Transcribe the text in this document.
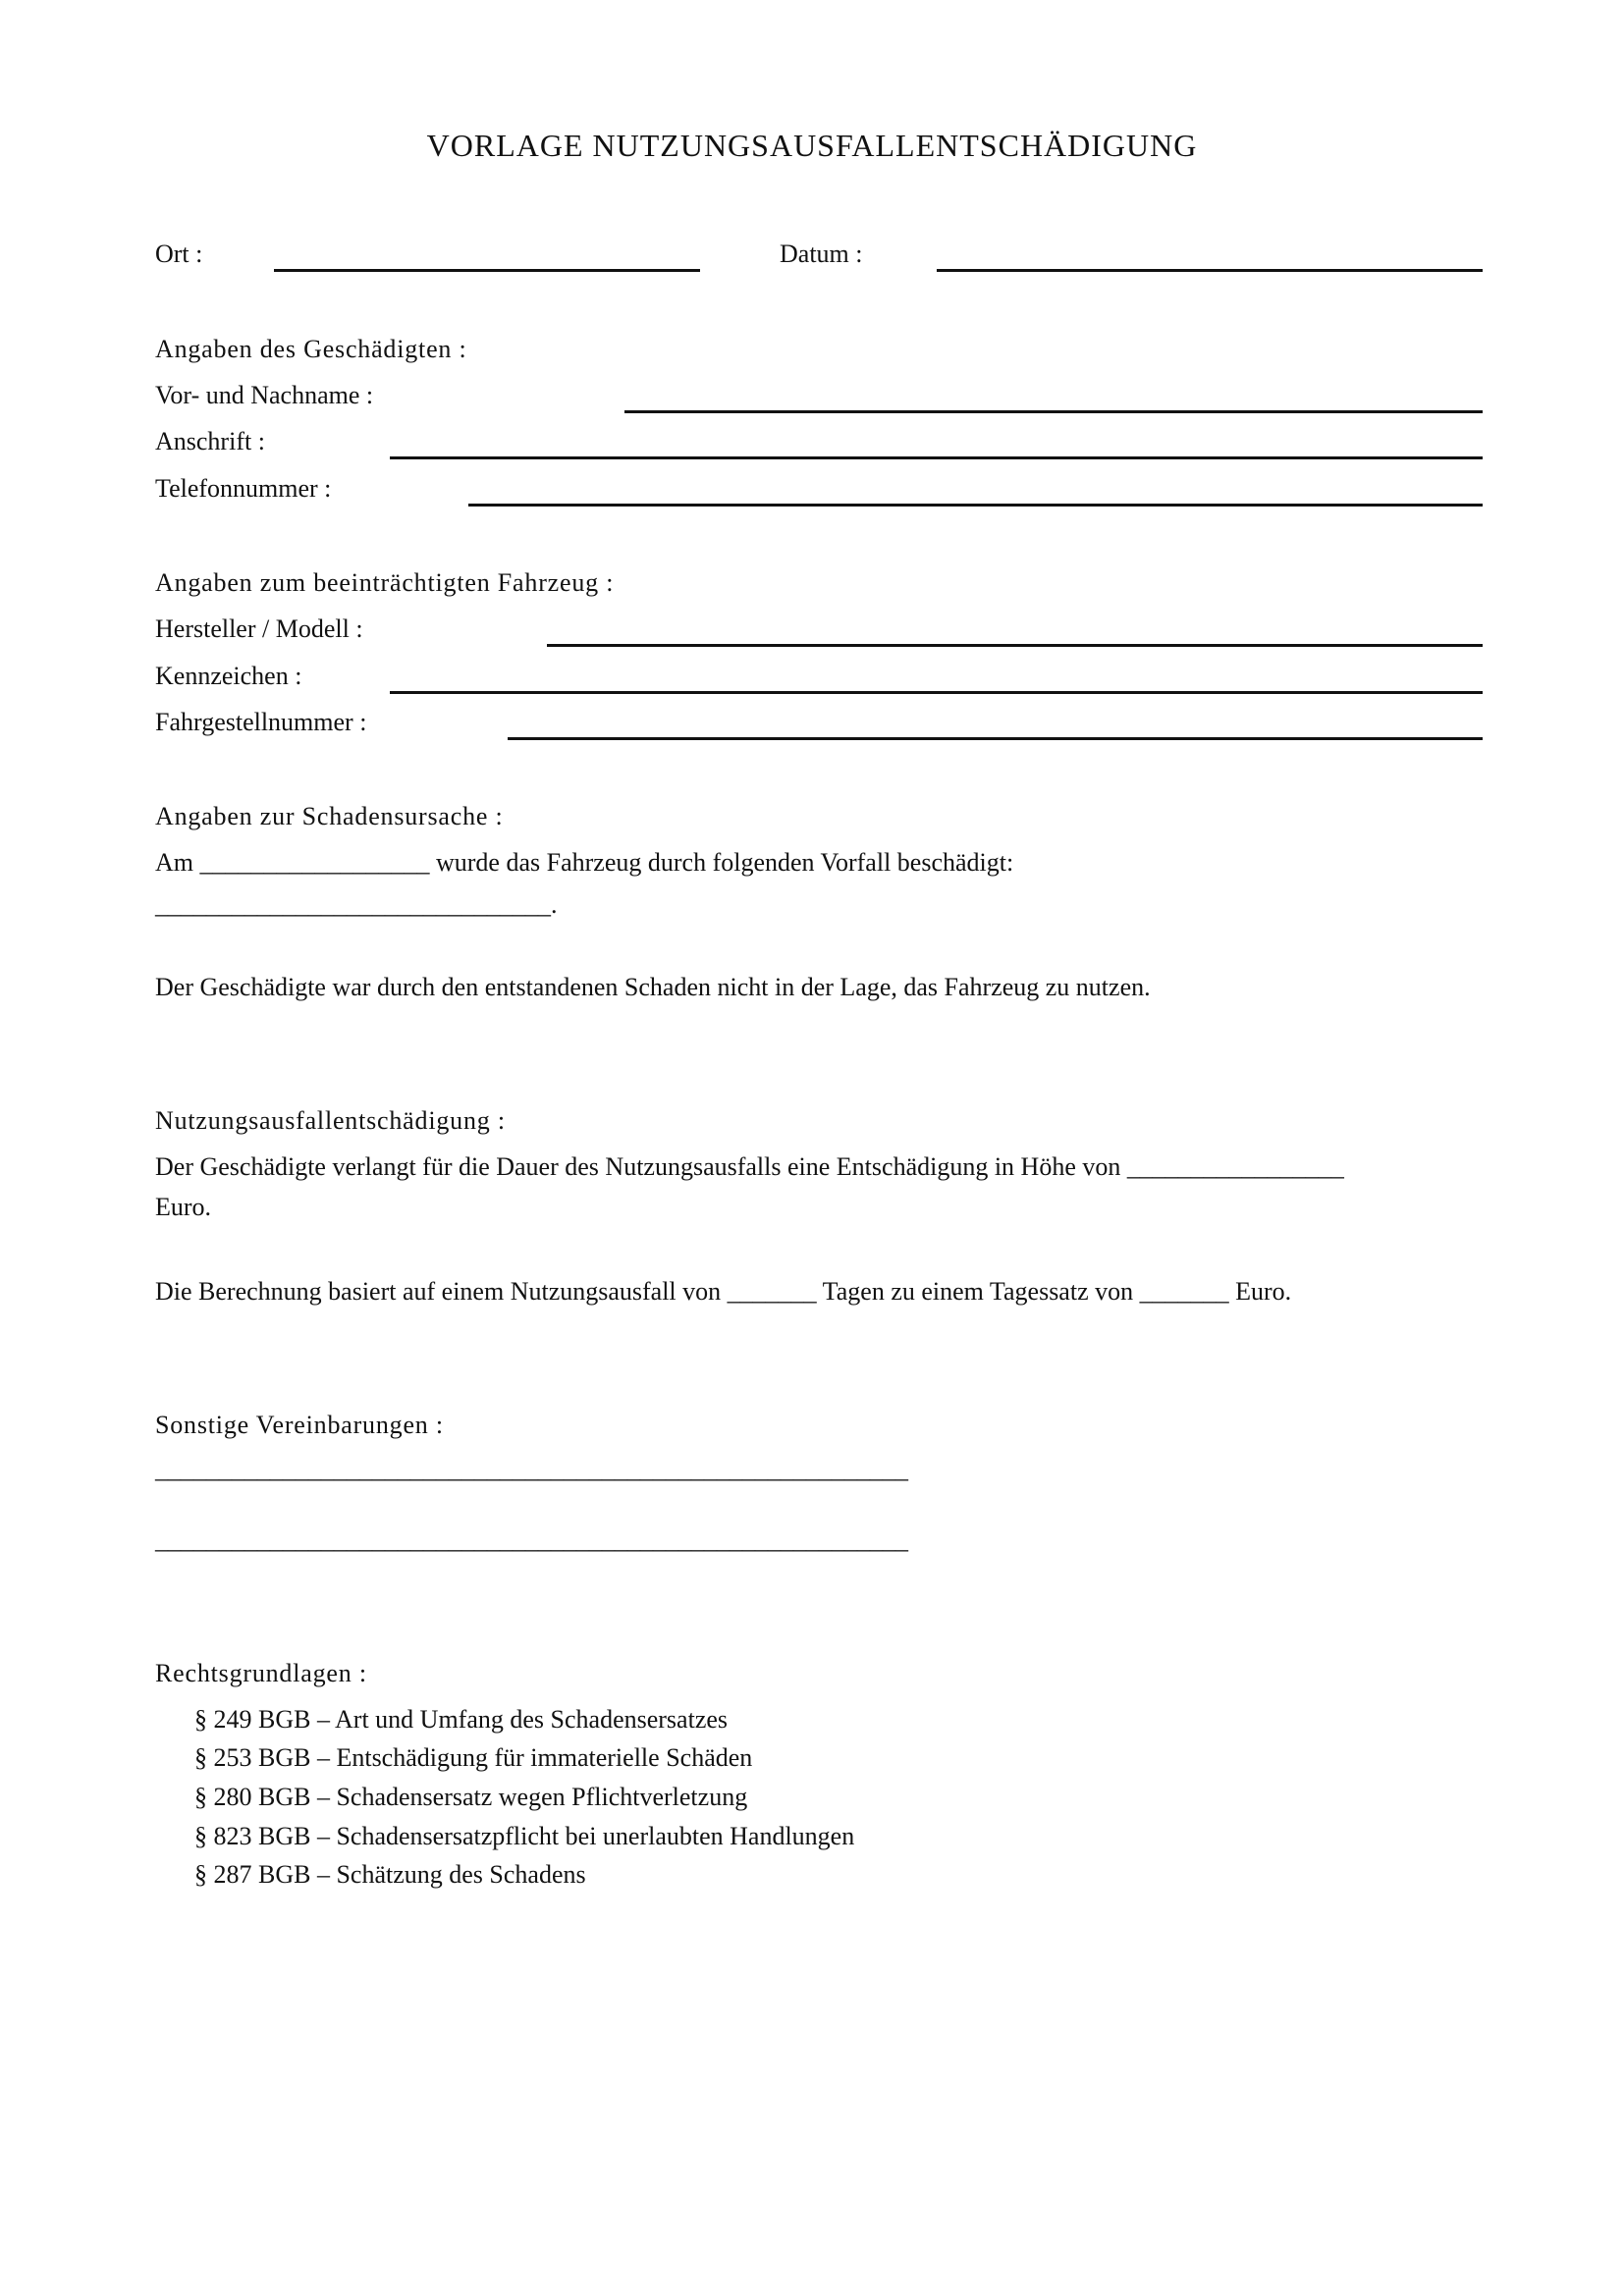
VORLAGE NUTZUNGSAUSFALLENTSCHÄDIGUNG
Ort :	Datum :
Angaben des Geschädigten :
Vor- und Nachname :
Anschrift :
Telefonnummer :
Angaben zum beeinträchtigten Fahrzeug :
Hersteller / Modell :
Kennzeichen :
Fahrgestellnummer :
Angaben zur Schadensursache :
Am __________________ wurde das Fahrzeug durch folgenden Vorfall beschädigt:
_______________________________.
Der Geschädigte war durch den entstandenen Schaden nicht in der Lage, das Fahrzeug zu nutzen.
Nutzungsausfallentschädigung :
Der Geschädigte verlangt für die Dauer des Nutzungsausfalls eine Entschädigung in Höhe von _________________
Euro.
Die Berechnung basiert auf einem Nutzungsausfall von _______ Tagen zu einem Tagessatz von _______ Euro.
Sonstige Vereinbarungen :
___________________________________________________________
___________________________________________________________
Rechtsgrundlagen :
§ 249 BGB – Art und Umfang des Schadensersatzes
§ 253 BGB – Entschädigung für immaterielle Schäden
§ 280 BGB – Schadensersatz wegen Pflichtverletzung
§ 823 BGB – Schadensersatzpflicht bei unerlaubten Handlungen
§ 287 BGB – Schätzung des Schadens
